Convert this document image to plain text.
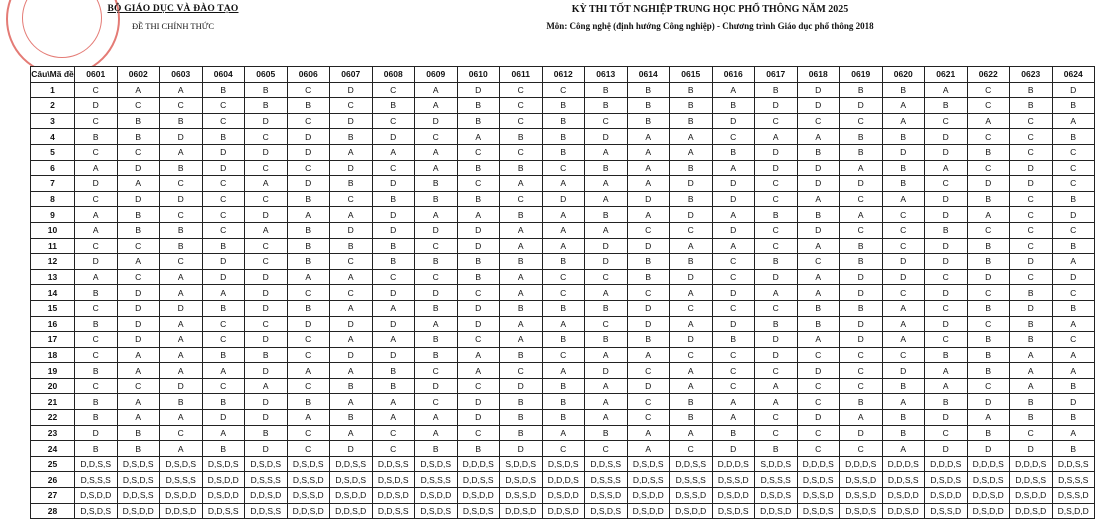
BỘ GIÁO DỤC VÀ ĐÀO TẠO
ĐỀ THI CHÍNH THỨC
KỲ THI TỐT NGHIỆP TRUNG HỌC PHỔ THÔNG NĂM 2025
Môn: Công nghệ (định hướng Công nghiệp) - Chương trình Giáo dục phổ thông 2018
Câu\Mã đề	0601	0602	0603	0604	0605	0606	0607	0608	0609	0610	0611	0612	0613	0614	0615	0616	0617	0618	0619	0620	0621	0622	0623	0624
1	C	A	A	B	B	C	D	C	A	D	C	C	B	B	B	A	B	D	B	B	A	C	B	D
2	D	C	C	C	B	B	C	B	A	B	C	B	B	B	B	B	D	D	D	A	B	C	B	B
3	C	B	B	C	D	C	D	C	D	B	C	B	C	B	B	D	C	C	C	A	C	A	C	A
4	B	B	D	B	C	D	B	D	C	A	B	B	D	A	A	C	A	A	B	B	D	C	C	B
5	C	C	A	D	D	D	A	A	A	C	C	B	A	A	A	B	D	B	B	D	D	B	C	C
6	A	D	B	D	C	C	D	C	A	B	B	C	B	A	B	A	D	D	A	B	A	C	D	C
7	D	A	C	C	A	D	B	D	B	C	A	A	A	A	D	D	C	D	D	B	C	D	D	C
8	C	D	D	C	C	B	C	B	B	B	C	D	A	D	B	D	C	A	C	A	D	B	C	B
9	A	B	C	C	D	A	A	D	A	A	B	A	B	A	D	A	B	B	A	C	D	A	C	D
10	A	B	B	C	A	B	D	D	D	D	A	A	A	C	C	D	C	D	C	C	B	C	C	C
11	C	C	B	B	C	B	B	B	C	D	A	A	D	D	A	A	C	A	B	C	D	B	C	B
12	D	A	C	D	C	B	C	B	B	B	B	B	D	B	B	C	B	C	B	D	D	B	D	A
13	A	C	A	D	D	A	A	C	C	B	A	C	C	B	D	C	D	A	D	D	C	D	C	D
14	B	D	A	A	D	C	C	D	D	C	A	C	A	C	A	D	A	A	D	C	D	C	B	C
15	C	D	D	B	D	B	A	A	B	D	B	B	B	D	C	C	C	B	B	A	C	B	D	B
16	B	D	A	C	C	D	D	D	A	D	A	A	C	D	A	D	B	B	D	A	D	C	B	A
17	C	D	A	C	D	C	A	A	B	C	A	B	B	B	D	B	D	A	D	A	C	B	B	C
18	C	A	A	B	B	C	D	D	B	A	B	C	A	A	C	C	D	C	C	C	B	B	A	A
19	B	A	A	A	D	A	A	B	C	A	C	A	D	C	A	C	C	D	C	D	A	B	A	A
20	C	C	D	C	A	C	B	B	D	C	D	B	A	D	A	C	A	C	C	B	A	C	A	B
21	B	A	B	B	D	B	A	A	C	D	B	B	A	C	B	A	A	C	B	A	B	D	B	D
22	B	A	A	D	D	A	B	A	A	D	B	B	A	C	B	A	C	D	A	B	D	A	B	B
23	D	B	C	A	B	C	A	C	A	C	B	A	B	A	A	B	C	C	D	B	C	B	C	A
24	B	B	A	B	D	C	D	C	B	B	D	C	C	A	C	D	B	C	C	A	D	D	D	B
25	D,D,S,S	D,S,D,S	D,S,D,S	D,S,D,S	D,S,D,S	D,S,D,S	D,D,S,S	D,D,S,S	D,S,D,S	D,D,D,S	S,D,D,S	D,S,D,S	D,D,S,S	D,S,D,S	D,D,S,S	D,D,D,S	S,D,D,S	D,D,D,S	D,D,D,S	D,D,D,S	D,D,D,S	D,D,D,S	D,D,D,S	D,D,S,S
26	D,S,S,S	D,S,D,S	D,S,S,S	D,S,D,D	D,S,S,S	D,S,S,D	D,S,D,S	D,S,D,S	D,S,S,S	D,D,S,S	D,S,D,S	D,D,D,S	D,S,S,S	D,D,S,S	D,S,S,S	D,S,S,D	D,S,S,S	D,S,D,S	D,S,S,D	D,D,S,S	D,S,D,S	D,S,D,S	D,D,S,S	D,S,S,S
27	D,S,D,D	D,D,S,S	D,S,D,D	D,S,D,D	D,D,S,D	D,S,S,D	D,S,D,D	D,D,S,D	D,S,D,D	D,S,D,D	D,S,S,D	D,S,D,D	D,S,S,D	D,S,D,D	D,S,S,D	D,S,D,D	D,S,D,S	D,S,S,D	D,S,S,D	D,S,D,D	D,S,D,D	D,D,S,D	D,S,D,D	D,S,S,D
28	D,S,D,S	D,S,D,D	D,D,S,D	D,D,S,S	D,D,S,S	D,D,S,D	D,D,S,D	D,D,S,S	D,S,D,S	D,S,D,S	D,D,S,D	D,D,S,D	D,S,D,S	D,S,D,D	D,S,D,D	D,S,D,S	D,D,S,D	D,S,D,S	D,S,D,S	D,D,S,D	D,S,S,D	D,S,D,D	D,D,S,D	D,S,D,D
